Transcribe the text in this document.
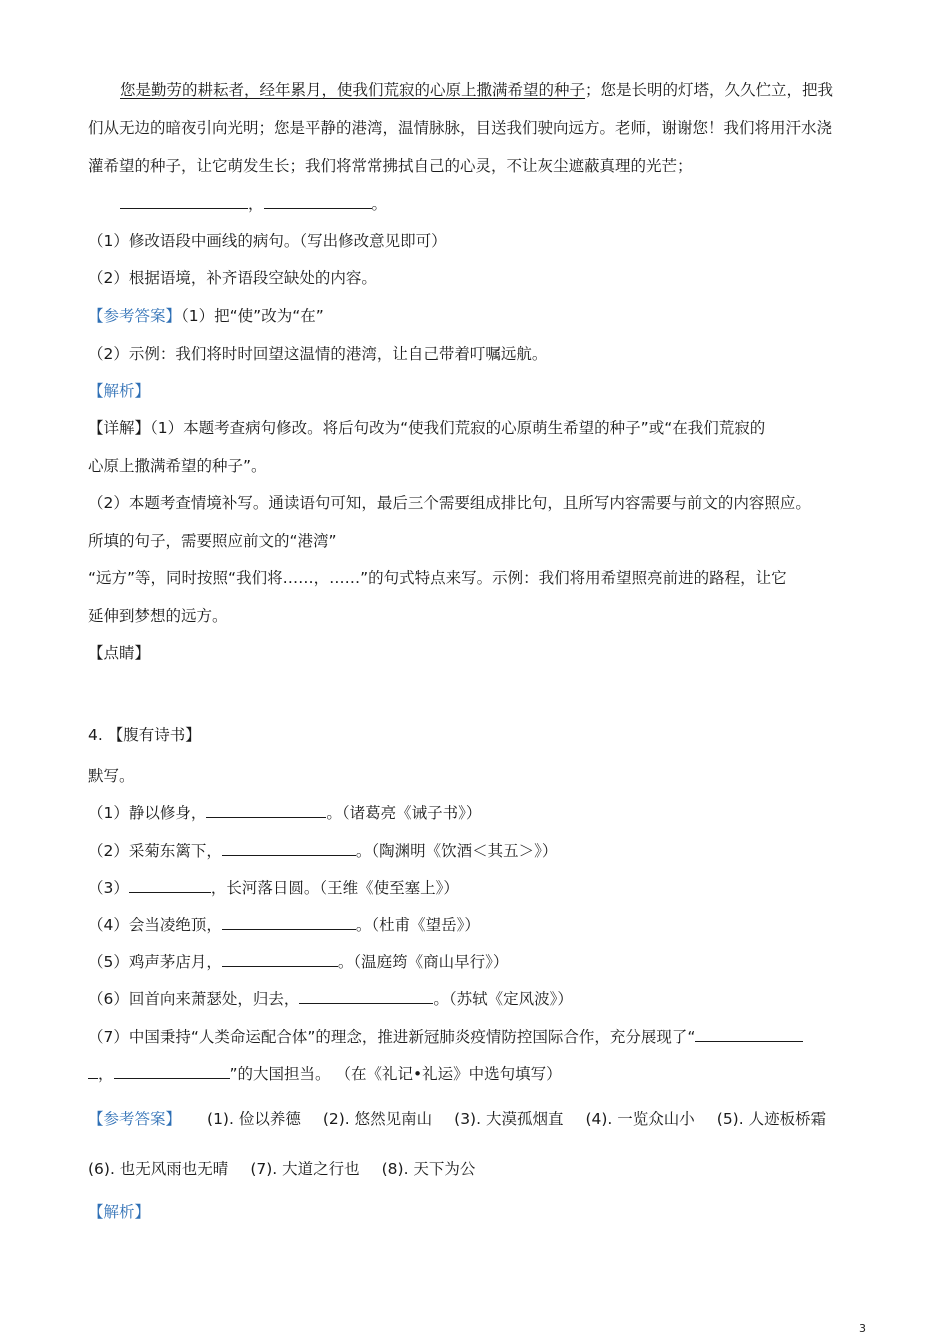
您是勤劳的耕耘者，经年累月，使我们荒寂的心原上撒满希望的种子；您是长明的灯塔，久久伫立，把我
们从无边的暗夜引向光明；您是平静的港湾，温情脉脉，目送我们驶向远方。老师，谢谢您！我们将用汗水浇
灌希望的种子，让它萌发生长；我们将常常拂拭自己的心灵，不让灰尘遮蔽真理的光芒；
，	。
（1）修改语段中画线的病句。（写出修改意见即可）
（2）根据语境，补齐语段空缺处的内容。
【参考答案】（1）把“使”改为“在”
（2）示例：我们将时时回望这温情的港湾，让自己带着叮嘱远航。
【解析】
【详解】（1）本题考查病句修改。将后句改为“使我们荒寂的心原萌生希望的种子”或“在我们荒寂的
心原上撒满希望的种子”。
（2）本题考查情境补写。通读语句可知，最后三个需要组成排比句，且所写内容需要与前文的内容照应。
所填的句子，需要照应前文的“港湾”
“远方”等，同时按照“我们将……，……”的句式特点来写。示例：我们将用希望照亮前进的路程，让它
延伸到梦想的远方。
【点睛】
4. 【腹有诗书】
默写。
（1）静以修身，	。（诸葛亮《诫子书》）
（2）采菊东篱下，	。（陶渊明《饮酒＜其五＞》）
（3）	，长河落日圆。（王维《使至塞上》）
（4）会当凌绝顶，	。（杜甫《望岳》）
（5）鸡声茅店月，	。（温庭筠《商山早行》）
（6）回首向来萧瑟处，归去，	。（苏轼《定风波》）
（7）中国秉持“人类命运配合体”的理念，推进新冠肺炎疫情防控国际合作，充分展现了“
，	”的大国担当。 （在《礼记•礼运》中选句填写）
【参考答案】 (1). 俭以养德 (2). 悠然见南山 (3). 大漠孤烟直 (4). 一览众山小 (5). 人迹板桥霜
(6). 也无风雨也无晴 (7). 大道之行也 (8). 天下为公
【解析】
3
